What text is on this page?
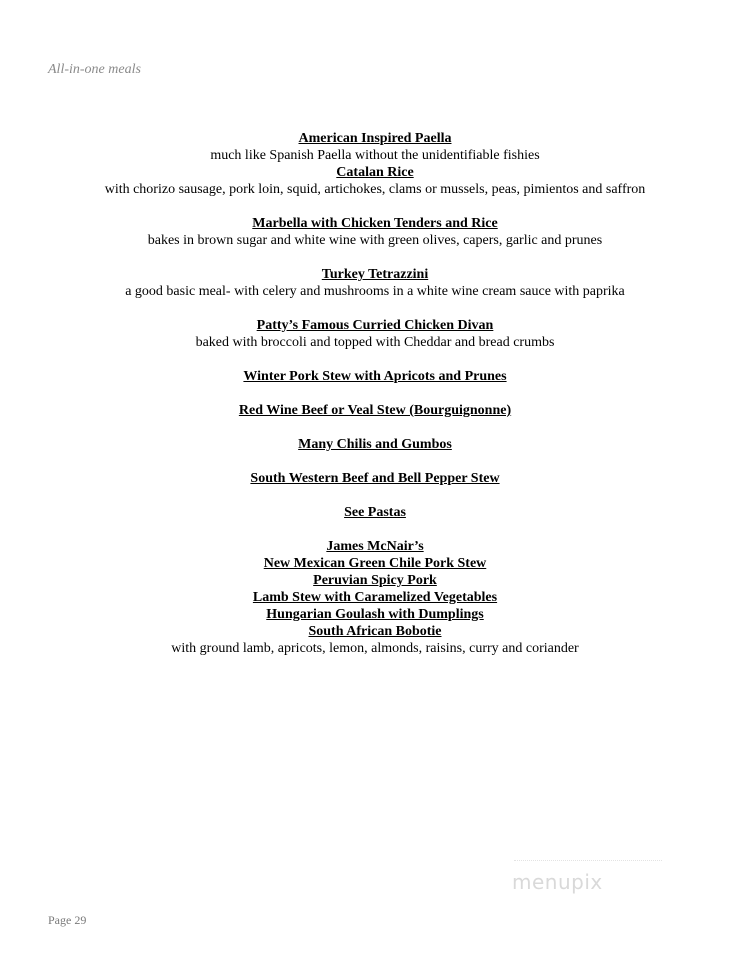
All-in-one meals
American Inspired Paella
much like Spanish Paella without the unidentifiable fishies
Catalan Rice
with chorizo sausage, pork loin, squid, artichokes, clams or mussels, peas, pimientos and saffron
Marbella with Chicken Tenders and Rice
bakes in brown sugar and white wine with green olives, capers, garlic and prunes
Turkey Tetrazzini
a good basic meal- with celery and mushrooms in a white wine cream sauce with paprika
Patty’s Famous Curried Chicken Divan
baked with broccoli and topped with Cheddar and bread crumbs
Winter Pork Stew with Apricots and Prunes
Red Wine Beef or Veal Stew (Bourguignonne)
Many Chilis and Gumbos
South Western Beef and Bell Pepper Stew
See Pastas
James McNair’s
New Mexican Green Chile Pork Stew
Peruvian Spicy Pork
Lamb Stew with Caramelized Vegetables
Hungarian Goulash with Dumplings
South African Bobotie
with ground lamb, apricots, lemon, almonds, raisins, curry and coriander
menupix
Page 29
